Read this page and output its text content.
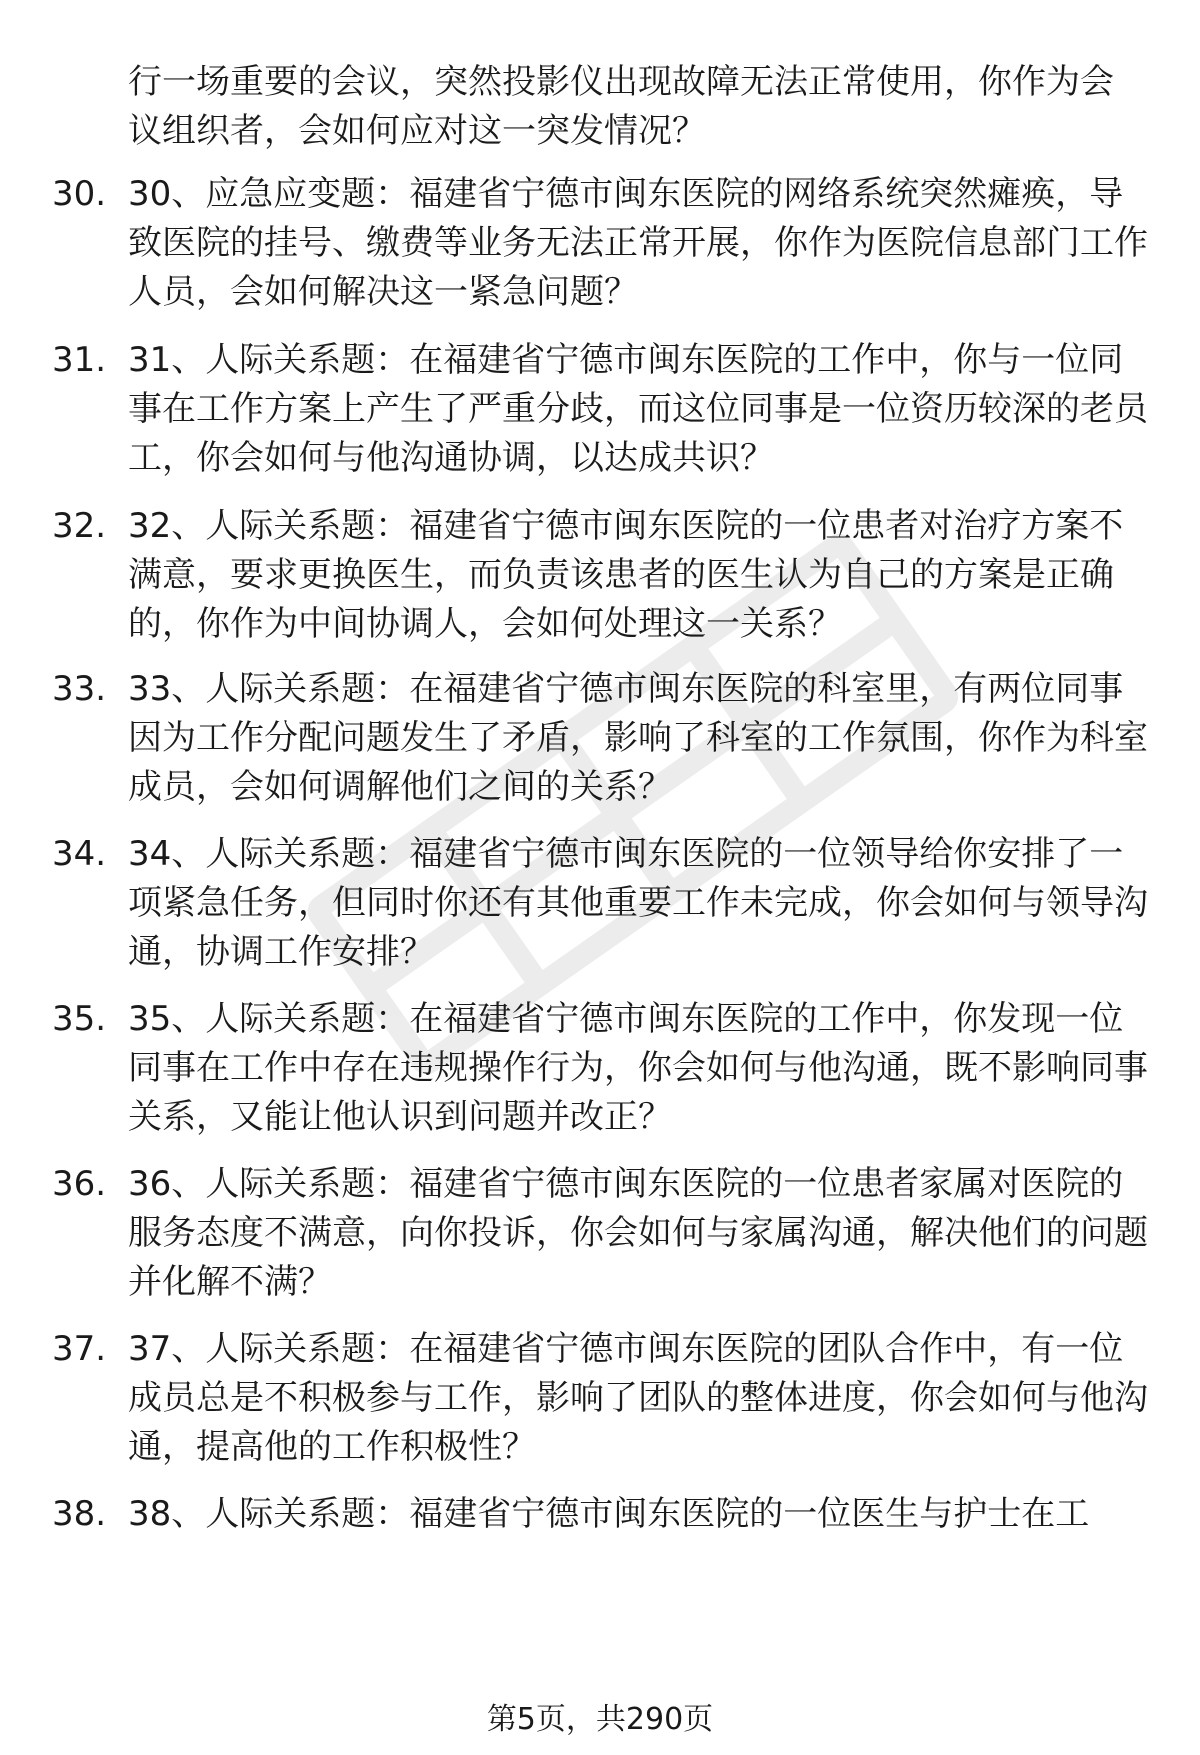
行一场重要的会议，突然投影仪出现故障无法正常使用，你作为会议组织者，会如何应对这一突发情况？

30. 30、应急应变题：福建省宁德市闽东医院的网络系统突然瘫痪，导致医院的挂号、缴费等业务无法正常开展，你作为医院信息部门工作人员，会如何解决这一紧急问题？

31. 31、人际关系题：在福建省宁德市闽东医院的工作中，你与一位同事在工作方案上产生了严重分歧，而这位同事是一位资历较深的老员工，你会如何与他沟通协调，以达成共识？

32. 32、人际关系题：福建省宁德市闽东医院的一位患者对治疗方案不满意，要求更换医生，而负责该患者的医生认为自己的方案是正确的，你作为中间协调人，会如何处理这一关系？

33. 33、人际关系题：在福建省宁德市闽东医院的科室里，有两位同事因为工作分配问题发生了矛盾，影响了科室的工作氛围，你作为科室成员，会如何调解他们之间的关系？

34. 34、人际关系题：福建省宁德市闽东医院的一位领导给你安排了一项紧急任务，但同时你还有其他重要工作未完成，你会如何与领导沟通，协调工作安排？

35. 35、人际关系题：在福建省宁德市闽东医院的工作中，你发现一位同事在工作中存在违规操作行为，你会如何与他沟通，既不影响同事关系，又能让他认识到问题并改正？

36. 36、人际关系题：福建省宁德市闽东医院的一位患者家属对医院的服务态度不满意，向你投诉，你会如何与家属沟通，解决他们的问题并化解不满？

37. 37、人际关系题：在福建省宁德市闽东医院的团队合作中，有一位成员总是不积极参与工作，影响了团队的整体进度，你会如何与他沟通，提高他的工作积极性？

38. 38、人际关系题：福建省宁德市闽东医院的一位医生与护士在工

第5页，共290页
